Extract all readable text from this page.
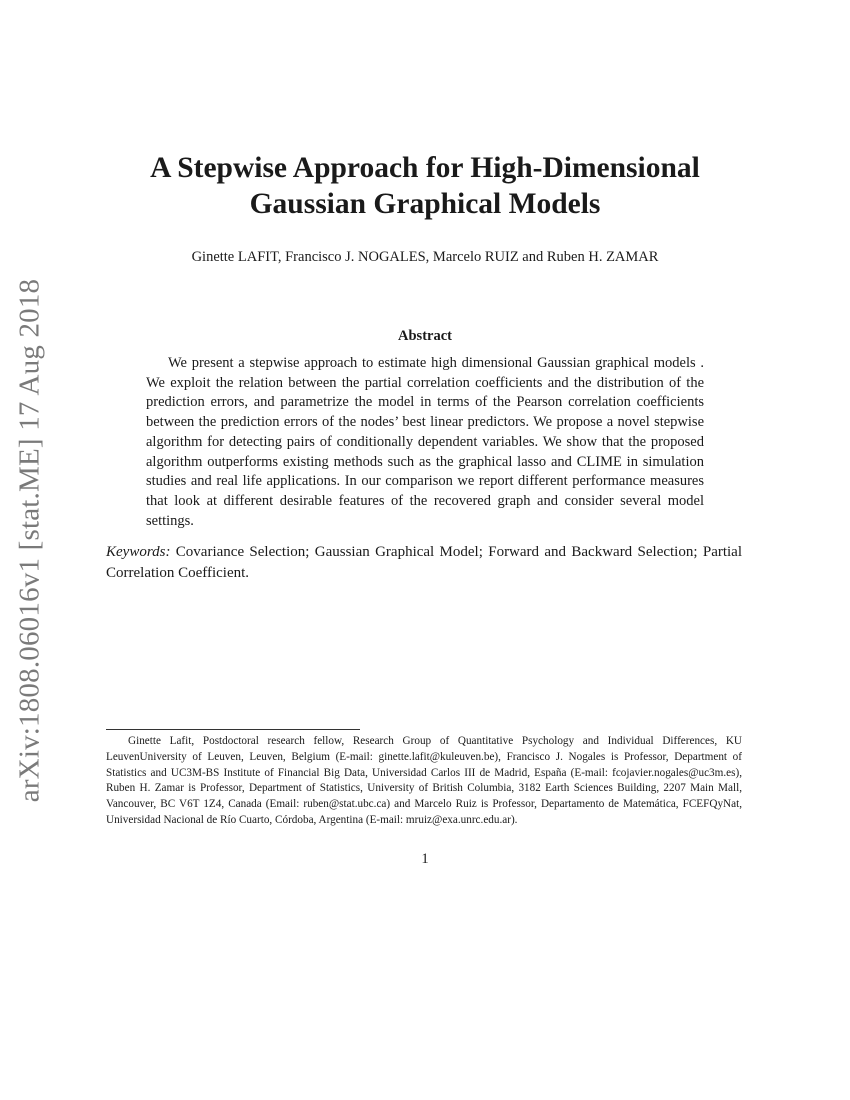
arXiv:1808.06016v1 [stat.ME] 17 Aug 2018
A Stepwise Approach for High-Dimensional
Gaussian Graphical Models
Ginette LAFIT, Francisco J. NOGALES, Marcelo RUIZ and Ruben H. ZAMAR
Abstract
We present a stepwise approach to estimate high dimensional Gaussian graphical models . We exploit the relation between the partial correlation coefficients and the distribution of the prediction errors, and parametrize the model in terms of the Pearson correlation coefficients between the prediction errors of the nodes’ best linear predictors. We propose a novel stepwise algorithm for detecting pairs of conditionally dependent variables. We show that the proposed algorithm outperforms existing methods such as the graphical lasso and CLIME in simulation studies and real life applications. In our comparison we report different performance measures that look at different desirable features of the recovered graph and consider several model settings.
Keywords: Covariance Selection; Gaussian Graphical Model; Forward and Backward Selection; Partial Correlation Coefficient.
Ginette Lafit, Postdoctoral research fellow, Research Group of Quantitative Psychology and Individual Differences, KU LeuvenUniversity of Leuven, Leuven, Belgium (E-mail: ginette.lafit@kuleuven.be), Francisco J. Nogales is Professor, Department of Statistics and UC3M-BS Institute of Financial Big Data, Universidad Carlos III de Madrid, España (E-mail: fcojavier.nogales@uc3m.es), Ruben H. Zamar is Professor, Department of Statistics, University of British Columbia, 3182 Earth Sciences Building, 2207 Main Mall, Vancouver, BC V6T 1Z4, Canada (Email: ruben@stat.ubc.ca) and Marcelo Ruiz is Professor, Departamento de Matemática, FCEFQyNat, Universidad Nacional de Río Cuarto, Córdoba, Argentina (E-mail: mruiz@exa.unrc.edu.ar).
1
